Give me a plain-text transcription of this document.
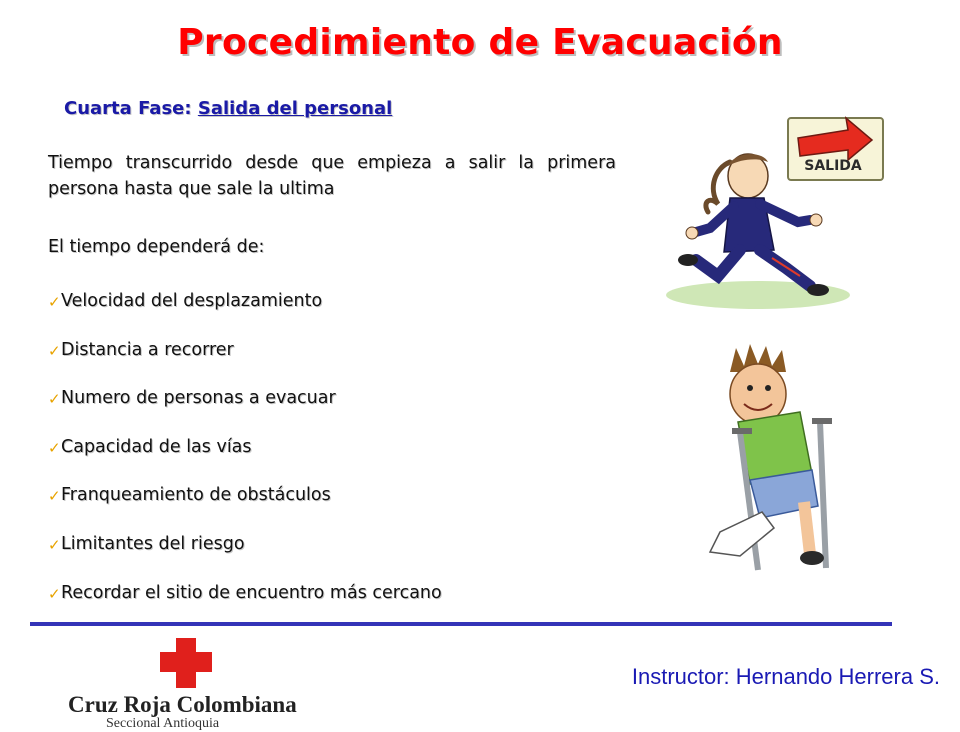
Procedimiento de Evacuación
Cuarta Fase: Salida del personal
Tiempo transcurrido desde que empieza a salir la primera persona hasta que sale la ultima
El tiempo dependerá de:
✓ Velocidad del desplazamiento
✓ Distancia a recorrer
✓ Numero de personas a evacuar
✓ Capacidad de las vías
✓ Franqueamiento de obstáculos
✓ Limitantes del riesgo
✓ Recordar el sitio de encuentro más cercano
SALIDA
Cruz Roja Colombiana
Seccional Antioquia
Instructor: Hernando Herrera S.
